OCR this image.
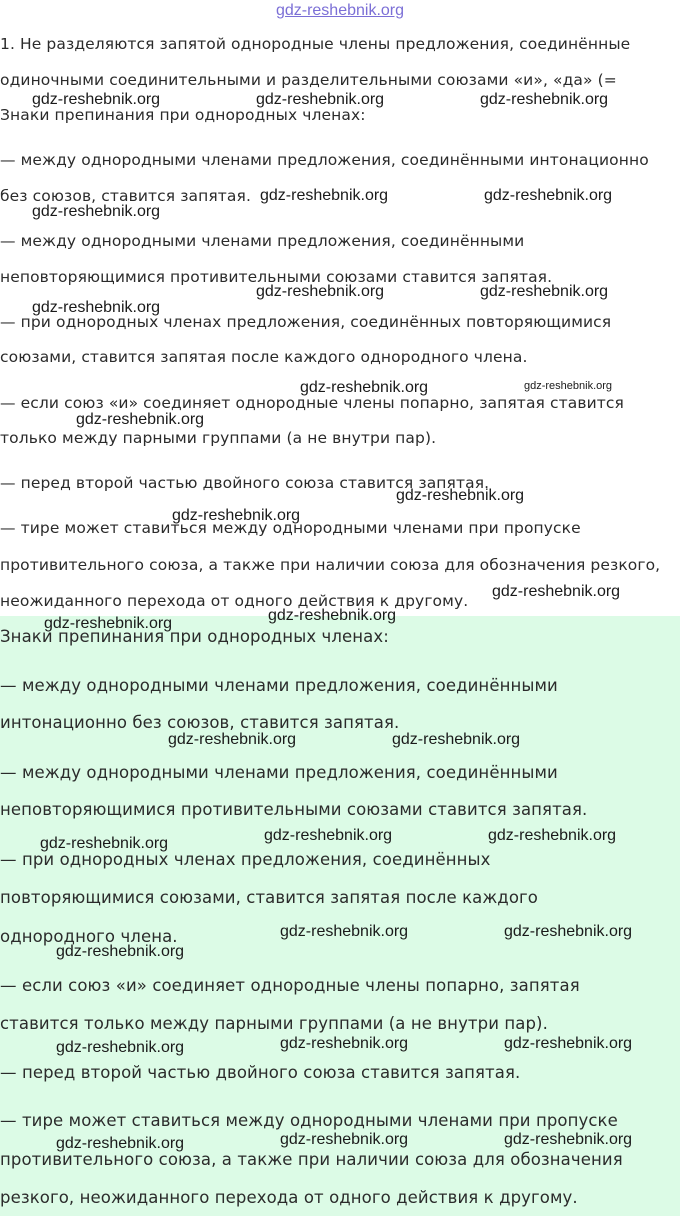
gdz-reshebnik.org
1. Не разделяются запятой однородные члены предложения, соединённые
одиночными соединительными и разделительными союзами «и», «да» (=
Знаки препинания при однородных членах:
— между однородными членами предложения, соединёнными интонационно
без союзов, ставится запятая.
— между однородными членами предложения, соединёнными
неповторяющимися противительными союзами ставится запятая.
— при однородных членах предложения, соединённых повторяющимися
союзами, ставится запятая после каждого однородного члена.
— если союз «и» соединяет однородные члены попарно, запятая ставится
только между парными группами (а не внутри пар).
— перед второй частью двойного союза ставится запятая.
— тире может ставиться между однородными членами при пропуске
противительного союза, а также при наличии союза для обозначения резкого,
неожиданного перехода от одного действия к другому.
Знаки препинания при однородных членах:
— между однородными членами предложения, соединёнными
интонационно без союзов, ставится запятая.
— между однородными членами предложения, соединёнными
неповторяющимися противительными союзами ставится запятая.
— при однородных членах предложения, соединённых
повторяющимися союзами, ставится запятая после каждого
однородного члена.
— если союз «и» соединяет однородные члены попарно, запятая
ставится только между парными группами (а не внутри пар).
— перед второй частью двойного союза ставится запятая.
— тире может ставиться между однородными членами при пропуске
противительного союза, а также при наличии союза для обозначения
резкого, неожиданного перехода от одного действия к другому.
gdz-reshebnik.org	gdz-reshebnik.org	gdz-reshebnik.org
gdz-reshebnik.org	gdz-reshebnik.org
gdz-reshebnik.org
gdz-reshebnik.org	gdz-reshebnik.org
gdz-reshebnik.org
gdz-reshebnik.org	gdz-reshebnik.org
gdz-reshebnik.org
gdz-reshebnik.org
gdz-reshebnik.org
gdz-reshebnik.org
gdz-reshebnik.org
gdz-reshebnik.org
gdz-reshebnik.org	gdz-reshebnik.org
gdz-reshebnik.org	gdz-reshebnik.org
gdz-reshebnik.org
gdz-reshebnik.org	gdz-reshebnik.org
gdz-reshebnik.org
gdz-reshebnik.org	gdz-reshebnik.org
gdz-reshebnik.org
gdz-reshebnik.org	gdz-reshebnik.org
gdz-reshebnik.org
